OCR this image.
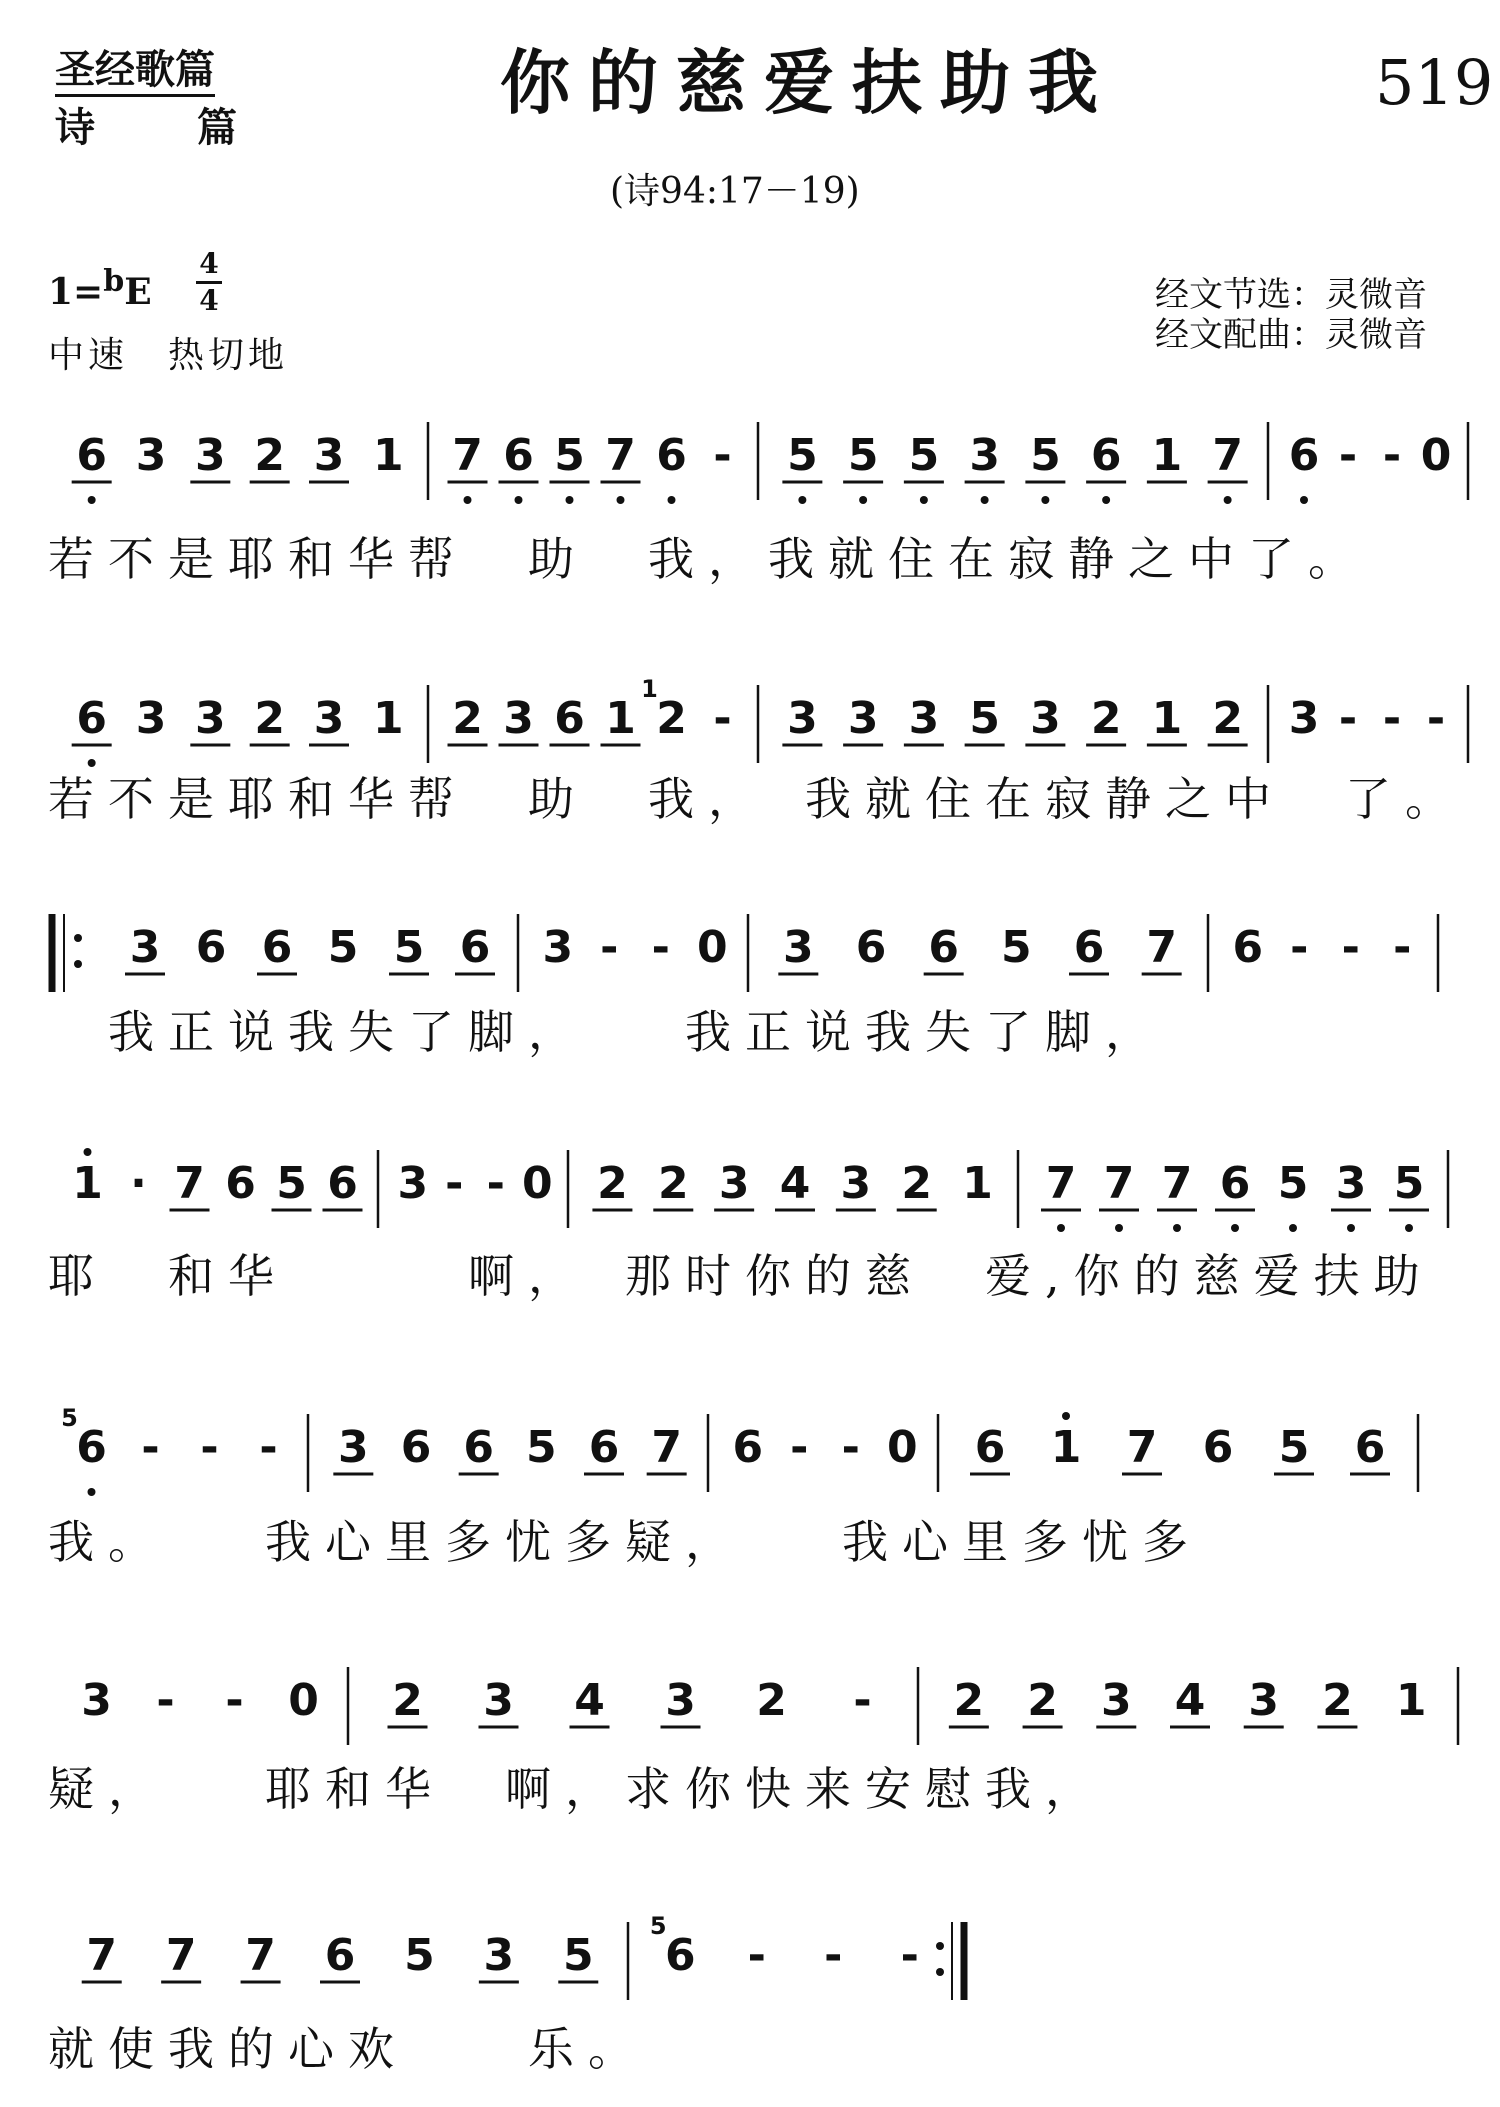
圣经歌篇
诗	篇
你的慈爱扶助我	519
(诗94:17－19)
1=$^b$E
4
4
中速　热切地
经文节选：灵微音
经文配曲：灵微音
6 3 3 2 3 1 7 6 5 7 6 - 5 5 5 3 5 6 1 7 6 - - 0
若不是耶和华帮　助　我，我就住在寂静之中了。
6 3 3 2 3 1 2 3 6 1 2
1
- 3 3 3 5 3 2 1 2 3 - - -
若不是耶和华帮　助　我，　我就住在寂静之中　了。
3 6 6 5 5 6 3 - - 0 3 6 6 5 6 7 6 - - -
　我正说我失了脚，　　我正说我失了脚，
1 · 7 6 5 6 3 - - 0 2 2 3 4 3 2 1 7 7 7 6 5 3 5
耶　和华　　　啊，　那时你的慈　爱,你的慈爱扶助
6
5
- - - 3 6 6 5 6 7 6 - - 0 6 1 7 6 5 6
我。　　我心里多忧多疑，　　我心里多忧多
3 - - 0 2 3 4 3 2 - 2 2 3 4 3 2 1
疑，　　耶和华　啊，求你快来安慰我，
7 7 7 6 5 3 5 6
5
- - -
就使我的心欢　　乐。
